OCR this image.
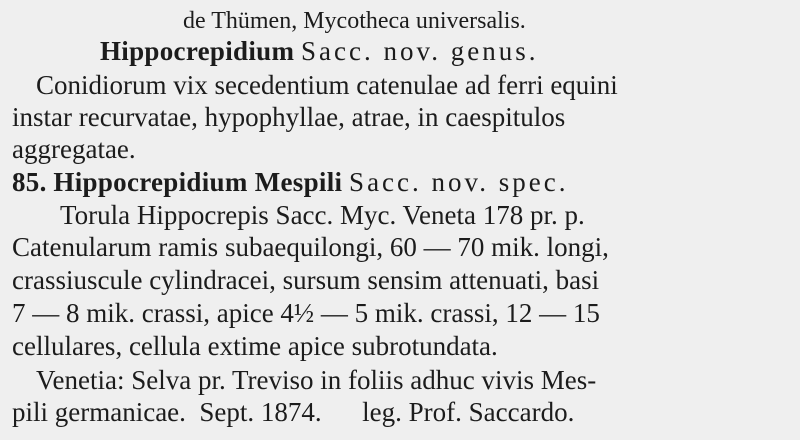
de Thümen, Mycotheca universalis.
Hippocrepidium Sacc. nov. genus.
Conidiorum vix secedentium catenulae ad ferri equini
instar recurvatae, hypophyllae, atrae, in caespitulos
aggregatae.
85. Hippocrepidium Mespili Sacc. nov. spec.
Torula Hippocrepis Sacc. Myc. Veneta 178 pr. p.
Catenularum ramis subaequilongi, 60 — 70 mik. longi,
crassiuscule cylindracei, sursum sensim attenuati, basi
7 — 8 mik. crassi, apice 4½ — 5 mik. crassi, 12 — 15
cellulares, cellula extime apice subrotundata.
Venetia: Selva pr. Treviso in foliis adhuc vivis Mes-
pili germanicae.  Sept. 1874.      leg. Prof. Saccardo.
